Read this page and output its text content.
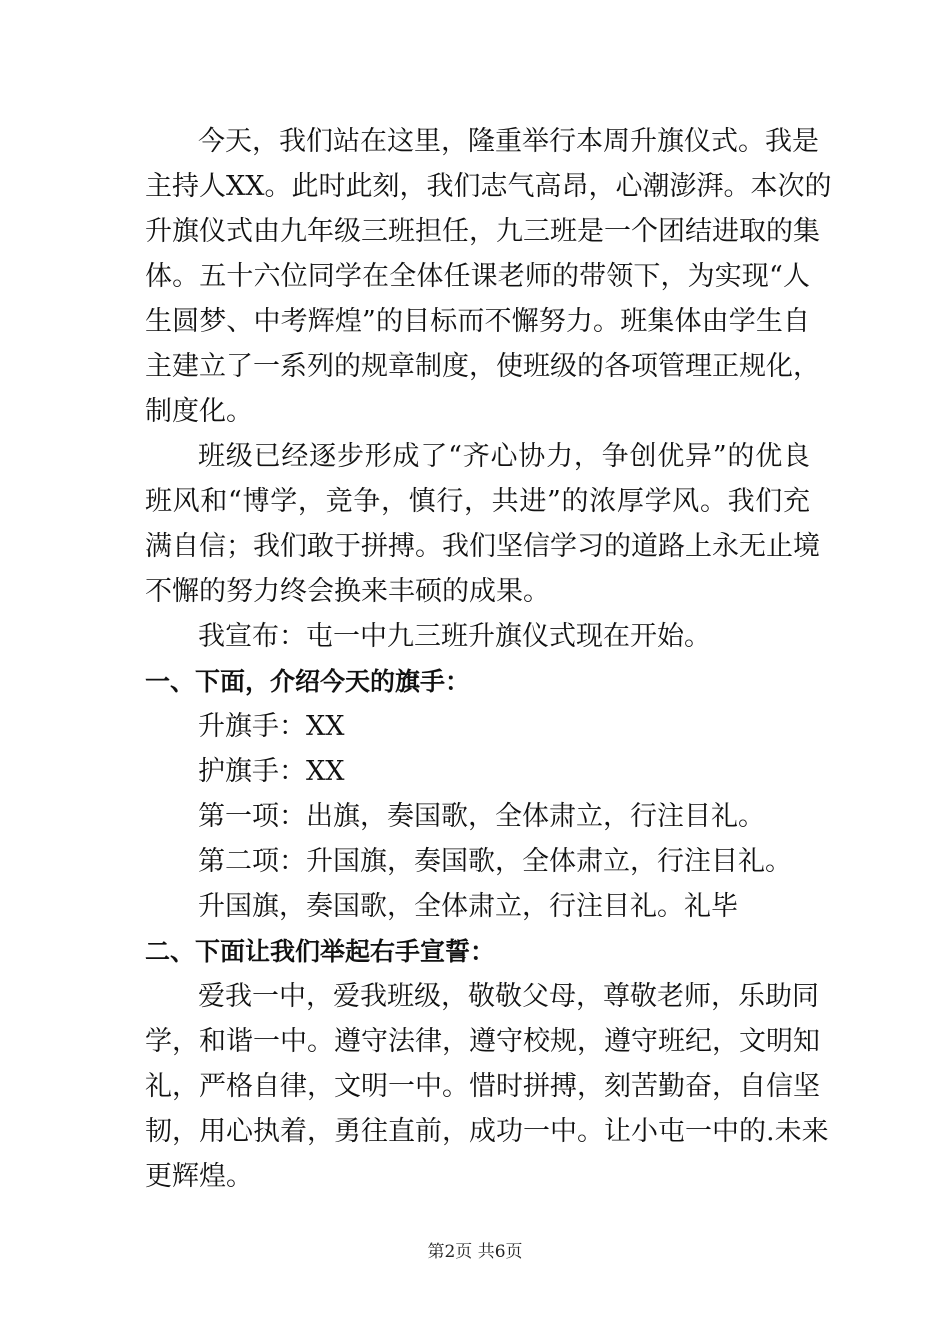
今天，我们站在这里，隆重举行本周升旗仪式。我是
主持人XX。此时此刻，我们志气高昂，心潮澎湃。本次的
升旗仪式由九年级三班担任，九三班是一个团结进取的集
体。五十六位同学在全体任课老师的带领下，为实现“人
生圆梦、中考辉煌”的目标而不懈努力。班集体由学生自
主建立了一系列的规章制度，使班级的各项管理正规化，
制度化。
班级已经逐步形成了“齐心协力，争创优异”的优良
班风和“博学，竞争，慎行，共进”的浓厚学风。我们充
满自信；我们敢于拼搏。我们坚信学习的道路上永无止境
不懈的努力终会换来丰硕的成果。
我宣布：屯一中九三班升旗仪式现在开始。
一、下面，介绍今天的旗手：
升旗手：XX
护旗手：XX
第一项：出旗，奏国歌，全体肃立，行注目礼。
第二项：升国旗，奏国歌，全体肃立，行注目礼。
升国旗，奏国歌，全体肃立，行注目礼。礼毕
二、下面让我们举起右手宣誓：
爱我一中，爱我班级，敬敬父母，尊敬老师，乐助同
学，和谐一中。遵守法律，遵守校规，遵守班纪，文明知
礼，严格自律，文明一中。惜时拼搏，刻苦勤奋，自信坚
韧，用心执着，勇往直前，成功一中。让小屯一中的.未来
更辉煌。
第2页 共6页
